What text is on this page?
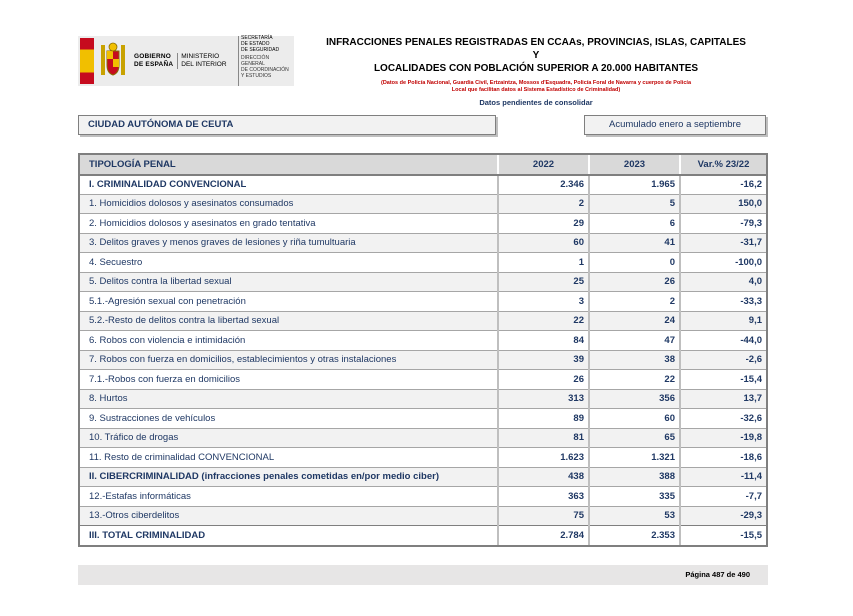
GOBIERNO
DE ESPAÑA
MINISTERIO
DEL INTERIOR
SECRETARÍA
DE ESTADO
DE SEGURIDAD
DIRECCIÓN GENERAL
DE COORDINACIÓN
Y ESTUDIOS
INFRACCIONES PENALES REGISTRADAS EN CCAAs, PROVINCIAS, ISLAS, CAPITALES Y
LOCALIDADES CON POBLACIÓN SUPERIOR A 20.000 HABITANTES
(Datos de Policía Nacional, Guardia Civil, Ertzaintza, Mossos d'Esquadra, Policía Foral de Navarra y cuerpos de Policía
Local que facilitan datos al Sistema Estadístico de Criminalidad)
Datos pendientes de consolidar
CIUDAD AUTÓNOMA DE CEUTA	Acumulado enero a septiembre
TIPOLOGÍA PENAL	2022	2023	Var.% 23/22
I. CRIMINALIDAD CONVENCIONAL	2.346	1.965	-16,2
1. Homicidios dolosos y asesinatos consumados	2	5	150,0
2. Homicidios dolosos y asesinatos en grado tentativa	29	6	-79,3
3. Delitos graves y menos graves de lesiones y riña tumultuaria	60	41	-31,7
4. Secuestro	1	0	-100,0
5. Delitos contra la libertad sexual	25	26	4,0
5.1.-Agresión sexual con penetración	3	2	-33,3
5.2.-Resto de delitos contra la libertad sexual	22	24	9,1
6. Robos con violencia e intimidación	84	47	-44,0
7. Robos con fuerza en domicilios, establecimientos y otras instalaciones	39	38	-2,6
7.1.-Robos con fuerza en domicilios	26	22	-15,4
8. Hurtos	313	356	13,7
9. Sustracciones de vehículos	89	60	-32,6
10. Tráfico de drogas	81	65	-19,8
11. Resto de criminalidad CONVENCIONAL	1.623	1.321	-18,6
II. CIBERCRIMINALIDAD (infracciones penales cometidas en/por medio ciber)	438	388	-11,4
12.-Estafas informáticas	363	335	-7,7
13.-Otros ciberdelitos	75	53	-29,3
III. TOTAL CRIMINALIDAD	2.784	2.353	-15,5
Página 487 de 490
